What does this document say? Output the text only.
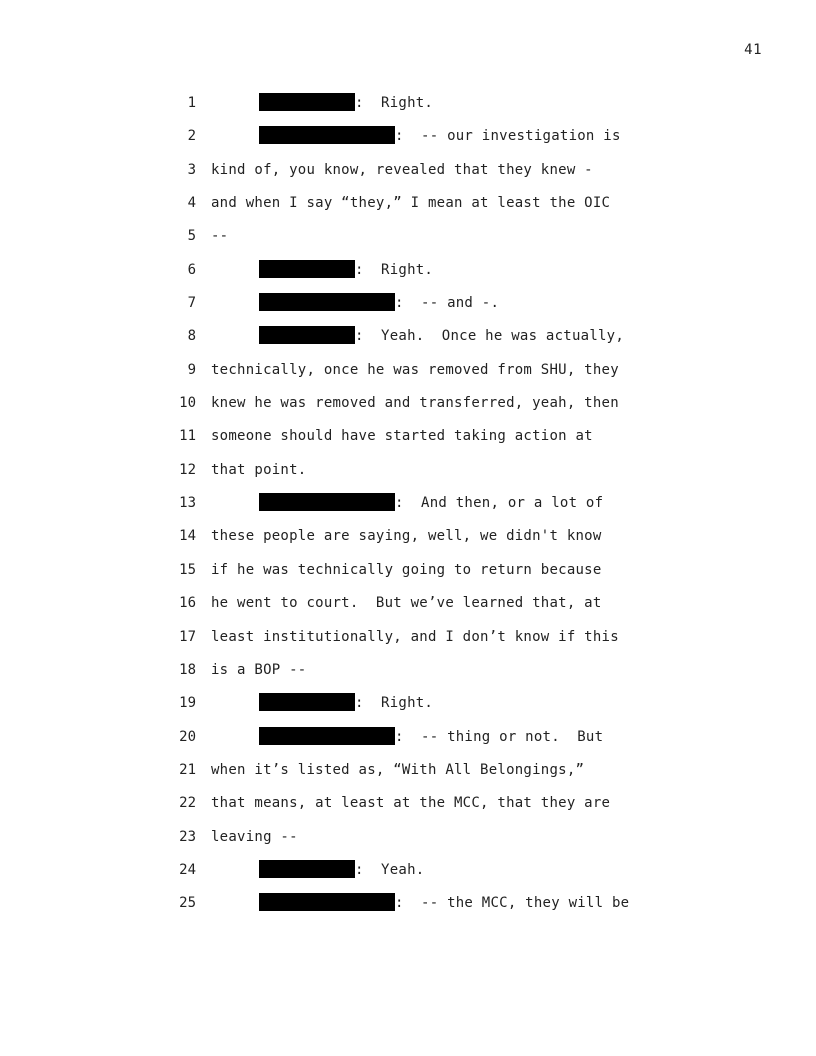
41
1	:  Right.
2	:  -- our investigation is
3 kind of, you know, revealed that they knew -
4 and when I say “they,” I mean at least the OIC
5 --
6	:  Right.
7	:  -- and -.
8	:  Yeah.  Once he was actually,
9 technically, once he was removed from SHU, they
10 knew he was removed and transferred, yeah, then
11 someone should have started taking action at
12 that point.
13	:  And then, or a lot of
14 these people are saying, well, we didn't know
15 if he was technically going to return because
16 he went to court.  But we’ve learned that, at
17 least institutionally, and I don’t know if this
18 is a BOP --
19	:  Right.
20	:  -- thing or not.  But
21 when it’s listed as, “With All Belongings,”
22 that means, at least at the MCC, that they are
23 leaving --
24	:  Yeah.
25	:  -- the MCC, they will be
